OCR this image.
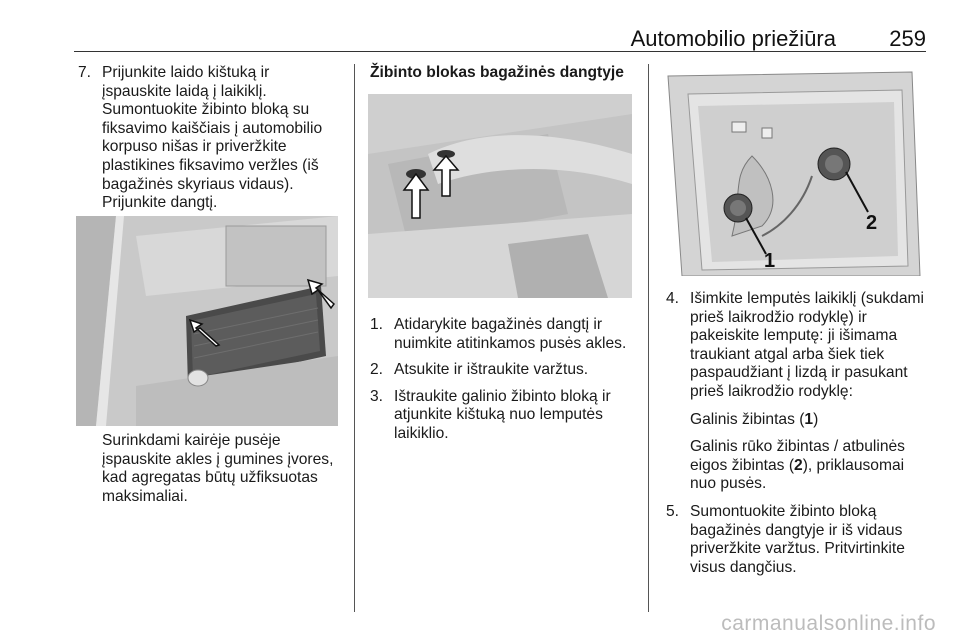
Automobilio priežiūra 259
7. Prijunkite laido kištuką ir
įspauskite laidą į laikiklį.
Sumontuokite žibinto bloką su
fiksavimo kaiščiais į automobilio
korpuso nišas ir priveržkite
plastikines fiksavimo veržles (iš
bagažinės skyriaus vidaus).
Prijunkite dangtį.
Surinkdami kairėje pusėje
įspauskite akles į gumines įvores,
kad agregatas būtų užfiksuotas
maksimaliai.
Žibinto blokas bagažinės dangtyje
1. Atidarykite bagažinės dangtį ir
nuimkite atitinkamos pusės akles.
2. Atsukite ir ištraukite varžtus.
3. Ištraukite galinio žibinto bloką ir
atjunkite kištuką nuo lemputės
laikiklio.
1
2
4. Išimkite lemputės laikiklį (sukdami
prieš laikrodžio rodyklę) ir
pakeiskite lemputę: ji išimama
traukiant atgal arba šiek tiek
paspaudžiant į lizdą ir pasukant
prieš laikrodžio rodyklę:
Galinis žibintas (1)
Galinis rūko žibintas / atbulinės
eigos žibintas (2), priklausomai
nuo pusės.
5. Sumontuokite žibinto bloką
bagažinės dangtyje ir iš vidaus
priveržkite varžtus. Pritvirtinkite
visus dangčius.
carmanualsonline.info
